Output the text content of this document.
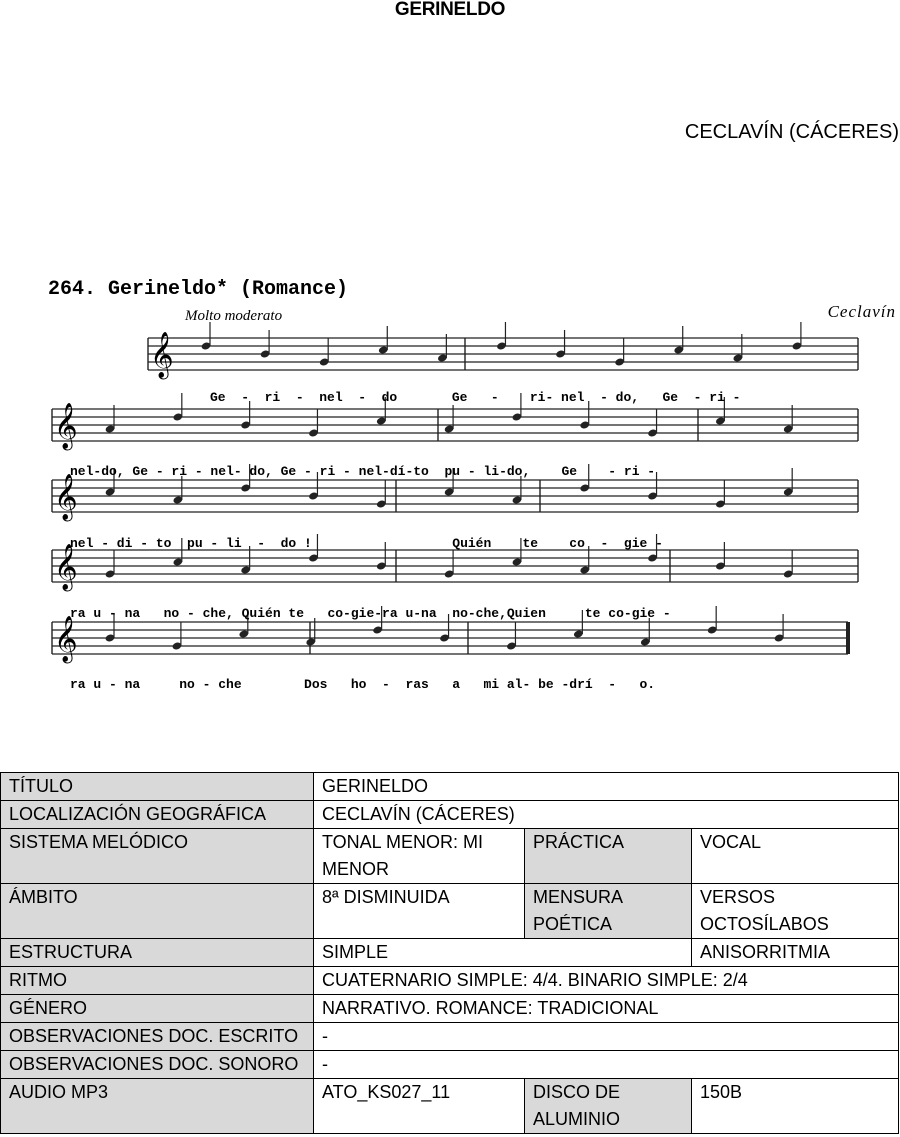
GERINELDO
CECLAVÍN (CÁCERES)
𝄞
𝄞
𝄞
𝄞
𝄞
264. Gerineldo* (Romance)
Molto moderato	Ceclavín
Ge  -  ri  -  nel  -  do       Ge   -    ri- nel  - do,   Ge  - ri -
nel-do, Ge - ri - nel- do, Ge - ri - nel-dí-to  pu - li-do,    Ge    - ri -
nel - di - to  pu - li  -  do !                  Quién    te    co  -  gie -
ra u - na   no - che, Quién te   co-gie-ra u-na  no-che,Quien     te co-gie -
ra u - na     no - che        Dos   ho  -  ras   a   mi al- be -drí  -   o.
TÍTULO	GERINELDO		
LOCALIZACIÓN GEOGRÁFICA	CECLAVÍN (CÁCERES)		
SISTEMA MELÓDICO	TONAL MENOR: MI MENOR	PRÁCTICA	VOCAL
ÁMBITO	8ª DISMINUIDA	MENSURA POÉTICA	VERSOS OCTOSÍLABOS
ESTRUCTURA	SIMPLE		ANISORRITMIA
RITMO	CUATERNARIO SIMPLE: 4/4. BINARIO SIMPLE: 2/4		
GÉNERO	NARRATIVO. ROMANCE: TRADICIONAL		
OBSERVACIONES DOC. ESCRITO	-		
OBSERVACIONES DOC. SONORO	-		
AUDIO MP3	ATO_KS027_11	DISCO DE ALUMINIO	150B
